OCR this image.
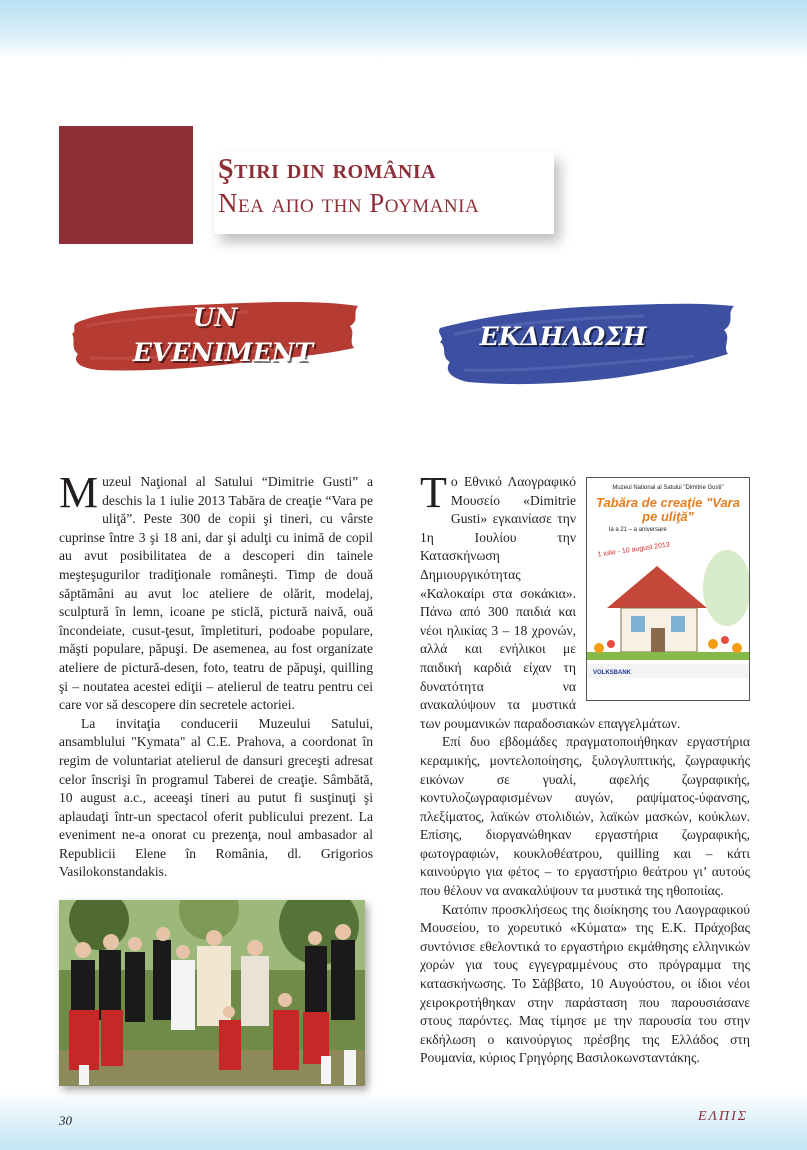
Ştiri din românia
Nea απο την Ρουμανια
UN
EVENIMENT
ΕΚΔΗΛΩΣΗ

Muzeul Naţional al Satului “Dimitrie Gusti” a deschis la 1 iulie 2013 Tabăra de creaţie “Vara pe uliţă”. Peste 300 de copii şi tineri, cu vârste cuprinse între 3 şi 18 ani, dar şi adulţi cu inimă de copil au avut posibilitatea de a descoperi din tainele meşteşugurilor tradiţionale româneşti. Timp de două săptămâni au avut loc ateliere de olărit, modelaj, sculptură în lemn, icoane pe sticlă, pictură naivă, ouă încondeiate, cusut-ţesut, împletituri, podoabe populare, măşti populare, păpuşi. De asemenea, au fost organizate ateliere de pictură-desen, foto, teatru de păpuşi, quilling şi – noutatea acestei ediţii – atelierul de teatru pentru cei care vor să descopere din secretele actoriei.

La invitaţia conducerii Muzeului Satului, ansamblului "Kymata" al C.E. Prahova, a coordonat în regim de voluntariat atelierul de dansuri greceşti adresat celor înscrişi în programul Taberei de creaţie. Sâmbătă, 10 august a.c., aceeaşi tineri au putut fi susţinuţi şi aplaudaţi într-un spectacol oferit publicului prezent. La eveniment ne-a onorat cu prezenţa, noul ambasador al Republicii Elene în România, dl. Grigorios Vasilokonstandakis.

Muzeul National al Satului "Dimitrie Gusti"
Tabăra de creaţie "Vara pe uliţă"
la a 21 – a aniversare
1 iulie - 10 august 2013
VOLKSBANK

Το Εθνικό Λαογραφικό Μουσείο «Dimitrie Gusti» εγκαινίασε την 1η Ιουλίου την Κατασκήνωση Δημιουργικότητας «Καλοκαίρι στα σοκάκια». Πάνω από 300 παιδιά και νέοι ηλικίας 3 – 18 χρονών, αλλά και ενήλικοι με παιδική καρδιά είχαν τη δυνατότητα να ανακαλύψουν τα μυστικά των ρουμανικών παραδοσιακών επαγγελμάτων.

Επί δυο εβδομάδες πραγματοποιήθηκαν εργαστήρια κεραμικής, μοντελοποίησης, ξυλογλυπτικής, ζωγραφικής εικόνων σε γυαλί, αφελής ζωγραφικής, κοντυλοζωγραφισμένων αυγών, ραψίματος-ύφανσης, πλεξίματος, λαϊκών στολιδιών, λαϊκών μασκών, κούκλων. Επίσης, διοργανώθηκαν εργαστήρια ζωγραφικής, φωτογραφιών, κουκλοθέατρου, quilling και – κάτι καινούργιο για φέτος – το εργαστήριο θεάτρου γι’ αυτούς που θέλουν να ανακαλύψουν τα μυστικά της ηθοποιίας.

Κατόπιν προσκλήσεως της διοίκησης του Λαογραφικού Μουσείου, το χορευτικό «Κύματα» της Ε.Κ. Πράχοβας συντόνισε εθελοντικά το εργαστήριο εκμάθησης ελληνικών χορών για τους εγγεγραμμένους στο πρόγραμμα της κατασκήνωσης. Το Σάββατο, 10 Αυγούστου, οι ίδιοι νέοι χειροκροτήθηκαν στην παράσταση που παρουσιάσανε στους παρόντες. Μας τίμησε με την παρουσία του στην εκδήλωση ο καινούργιος πρέσβης της Ελλάδος στη Ρουμανία, κύριος Γρηγόρης Βασιλοκωνσταντάκης.

30	ΕΛΠΙΣ
